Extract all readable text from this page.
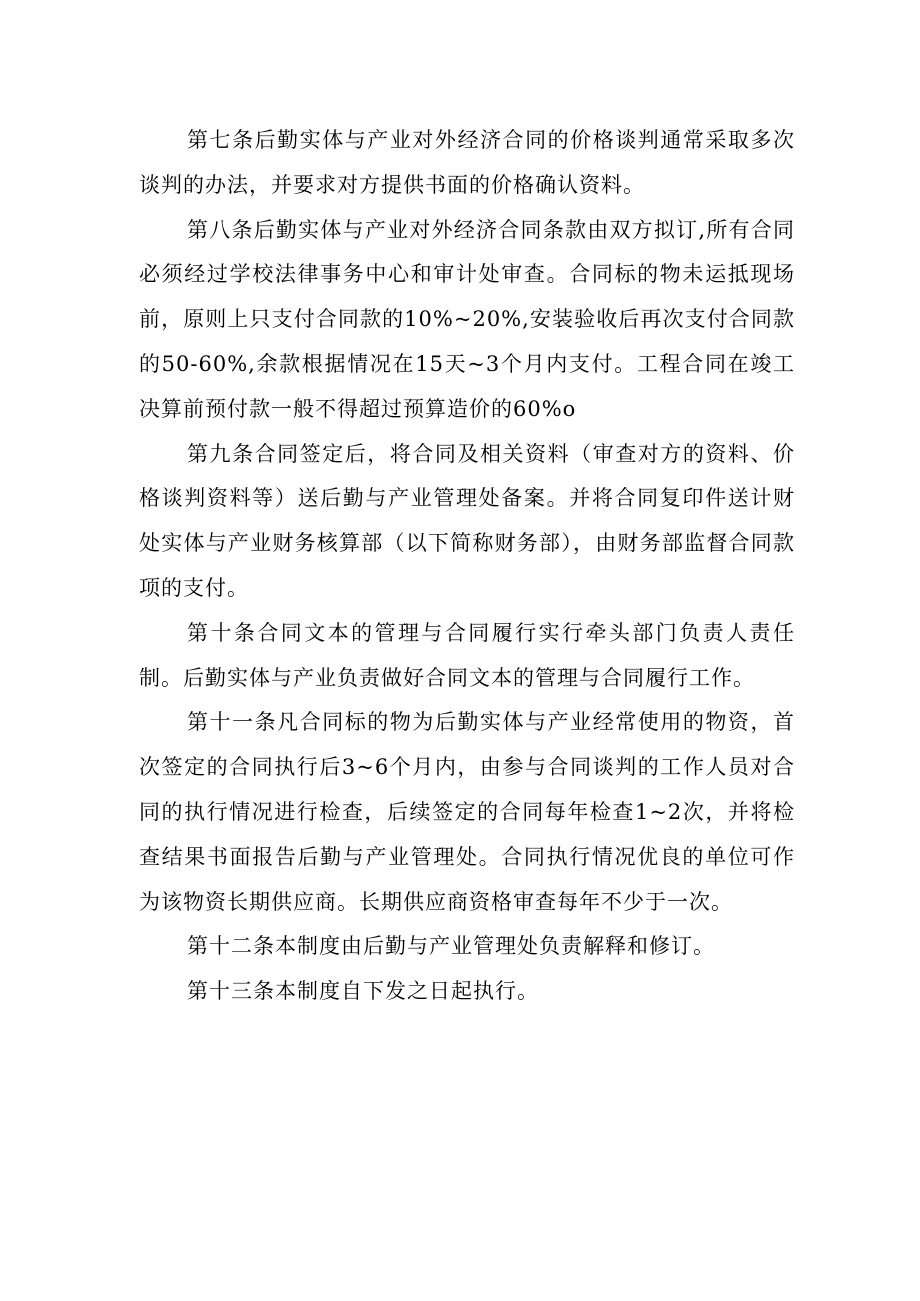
第七条后勤实体与产业对外经济合同的价格谈判通常采取多次谈判的办法，并要求对方提供书面的价格确认资料。

第八条后勤实体与产业对外经济合同条款由双方拟订,所有合同必须经过学校法律事务中心和审计处审查。合同标的物未运抵现场前，原则上只支付合同款的10%~20%,安装验收后再次支付合同款的50-60%,余款根据情况在15天~3个月内支付。工程合同在竣工决算前预付款一般不得超过预算造价的60%o

第九条合同签定后，将合同及相关资料（审查对方的资料、价格谈判资料等）送后勤与产业管理处备案。并将合同复印件送计财处实体与产业财务核算部（以下简称财务部），由财务部监督合同款项的支付。

第十条合同文本的管理与合同履行实行牵头部门负责人责任制。后勤实体与产业负责做好合同文本的管理与合同履行工作。

第十一条凡合同标的物为后勤实体与产业经常使用的物资，首次签定的合同执行后3~6个月内，由参与合同谈判的工作人员对合同的执行情况进行检查，后续签定的合同每年检查1~2次，并将检查结果书面报告后勤与产业管理处。合同执行情况优良的单位可作为该物资长期供应商。长期供应商资格审查每年不少于一次。

第十二条本制度由后勤与产业管理处负责解释和修订。

第十三条本制度自下发之日起执行。
